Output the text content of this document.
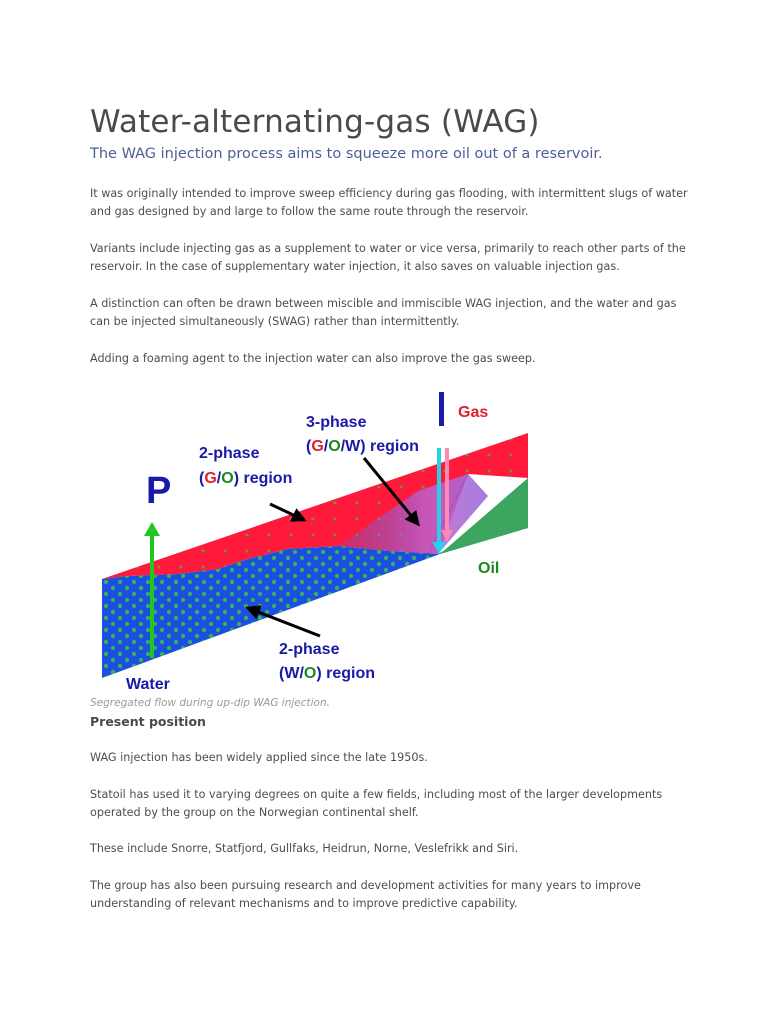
Water-alternating-gas (WAG)

The WAG injection process aims to squeeze more oil out of a reservoir.

It was originally intended to improve sweep efficiency during gas flooding, with intermittent slugs of water and gas designed by and large to follow the same route through the reservoir.

Variants include injecting gas as a supplement to water or vice versa, primarily to reach other parts of the reservoir. In the case of supplementary water injection, it also saves on valuable injection gas.

A distinction can often be drawn between miscible and immiscible WAG injection, and the water and gas can be injected simultaneously (SWAG) rather than intermittently.

Adding a foaming agent to the injection water can also improve the gas sweep.

P
Gas
Oil
Water
2-phase
(G/O) region
3-phase
(G/O/W) region
2-phase
(W/O) region

Segregated flow during up-dip WAG injection.

Present position

WAG injection has been widely applied since the late 1950s.

Statoil has used it to varying degrees on quite a few fields, including most of the larger developments operated by the group on the Norwegian continental shelf.

These include Snorre, Statfjord, Gullfaks, Heidrun, Norne, Veslefrikk and Siri.

The group has also been pursuing research and development activities for many years to improve understanding of relevant mechanisms and to improve predictive capability.
